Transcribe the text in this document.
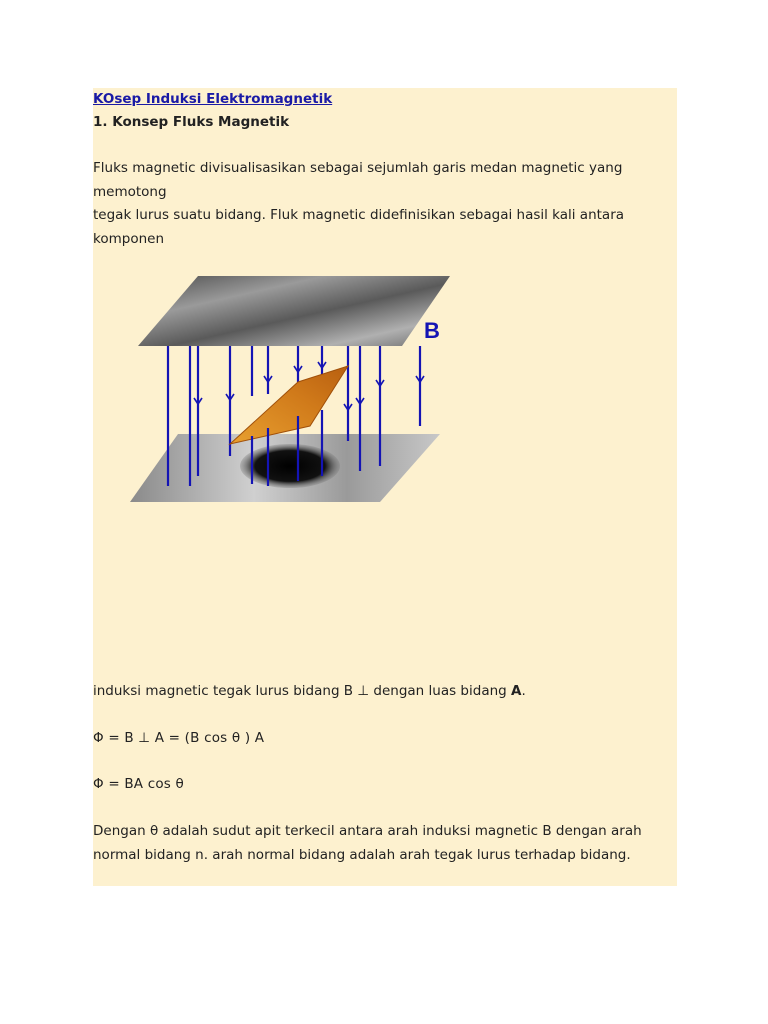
KOsep Induksi Elektromagnetik
1. Konsep Fluks Magnetik
Fluks magnetic divisualisasikan sebagai sejumlah garis medan magnetic yang
memotong
tegak lurus suatu bidang. Fluk magnetic didefinisikan sebagai hasil kali antara
komponen
B
induksi magnetic tegak lurus bidang B ⊥ dengan luas bidang A.
Φ = B ⊥ A = (B cos θ ) A
Φ = BA cos θ
Dengan θ adalah sudut apit terkecil antara arah induksi magnetic B dengan arah
normal bidang n. arah normal bidang adalah arah tegak lurus terhadap bidang.
